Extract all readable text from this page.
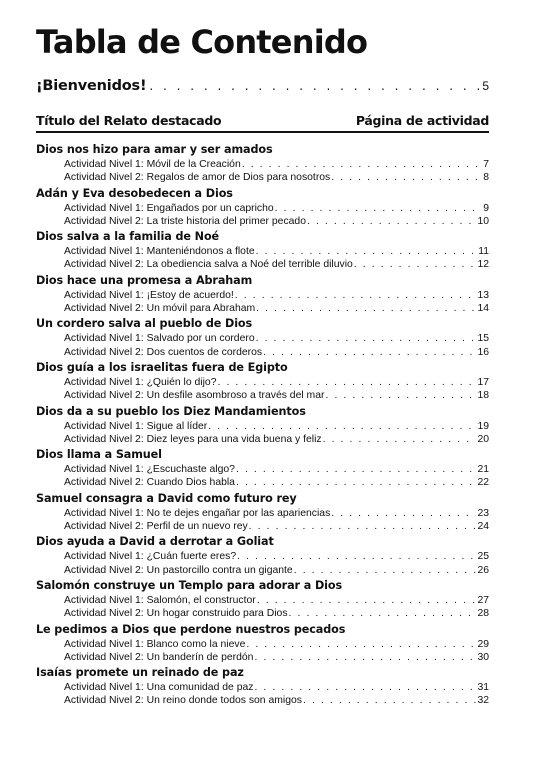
Tabla de Contenido
¡Bienvenidos! . . .	5
Título del Relato destacado	Página de actividad
Dios nos hizo para amar y ser amados
Actividad Nivel 1: Móvil de la Creación . . .	7
Actividad Nivel 2: Regalos de amor de Dios para nosotros . . .	8
Adán y Eva desobedecen a Dios
Actividad Nivel 1: Engañados por un capricho . . .	9
Actividad Nivel 2: La triste historia del primer pecado . . .	10
Dios salva a la familia de Noé
Actividad Nivel 1: Manteniéndonos a flote . . .	11
Actividad Nivel 2: La obediencia salva a Noé del terrible diluvio . . .	12
Dios hace una promesa a Abraham
Actividad Nivel 1: ¡Estoy de acuerdo! . . .	13
Actividad Nivel 2: Un móvil para Abraham . . .	14
Un cordero salva al pueblo de Dios
Actividad Nivel 1: Salvado por un cordero . . .	15
Actividad Nivel 2: Dos cuentos de corderos . . .	16
Dios guía a los israelitas fuera de Egipto
Actividad Nivel 1: ¿Quién lo dijo? . . .	17
Actividad Nivel 2: Un desfile asombroso a través del mar . . .	18
Dios da a su pueblo los Diez Mandamientos
Actividad Nivel 1: Sigue al líder . . .	19
Actividad Nivel 2: Diez leyes para una vida buena y feliz . . .	20
Dios llama a Samuel
Actividad Nivel 1: ¿Escuchaste algo? . . .	21
Actividad Nivel 2: Cuando Dios habla . . .	22
Samuel consagra a David como futuro rey
Actividad Nivel 1: No te dejes engañar por las apariencias . . .	23
Actividad Nivel 2: Perfil de un nuevo rey . . .	24
Dios ayuda a David a derrotar a Goliat
Actividad Nivel 1: ¿Cuán fuerte eres? . . .	25
Actividad Nivel 2: Un pastorcillo contra un gigante . . .	26
Salomón construye un Templo para adorar a Dios
Actividad Nivel 1: Salomón, el constructor . . .	27
Actividad Nivel 2: Un hogar construido para Dios . . .	28
Le pedimos a Dios que perdone nuestros pecados
Actividad Nivel 1: Blanco como la nieve . . .	29
Actividad Nivel 2: Un banderín de perdón . . .	30
Isaías promete un reinado de paz
Actividad Nivel 1: Una comunidad de paz . . .	31
Actividad Nivel 2: Un reino donde todos son amigos . . .	32
